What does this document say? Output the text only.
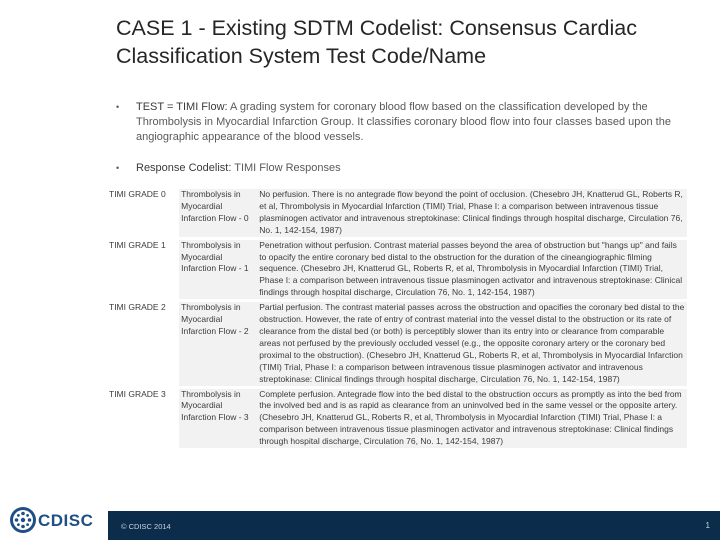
CASE 1 - Existing SDTM Codelist: Consensus Cardiac Classification System Test Code/Name
• TEST = TIMI Flow: A grading system for coronary blood flow based on the classification developed by the Thrombolysis in Myocardial Infarction Group. It classifies coronary blood flow into four classes based upon the angiographic appearance of the blood vessels.
• Response Codelist: TIMI Flow Responses
TIMI GRADE 0	Thrombolysis in Myocardial Infarction Flow - 0	No perfusion. There is no antegrade flow beyond the point of occlusion. (Chesebro JH, Knatterud GL, Roberts R, et al, Thrombolysis in Myocardial Infarction (TIMI) Trial, Phase I: a comparison between intravenous tissue plasminogen activator and intravenous streptokinase: Clinical findings through hospital discharge, Circulation 76, No. 1, 142-154, 1987)
TIMI GRADE 1	Thrombolysis in Myocardial Infarction Flow - 1	Penetration without perfusion. Contrast material passes beyond the area of obstruction but "hangs up" and fails to opacify the entire coronary bed distal to the obstruction for the duration of the cineangiographic filming sequence. (Chesebro JH, Knatterud GL, Roberts R, et al, Thrombolysis in Myocardial Infarction (TIMI) Trial, Phase I: a comparison between intravenous tissue plasminogen activator and intravenous streptokinase: Clinical findings through hospital discharge, Circulation 76, No. 1, 142-154, 1987)
TIMI GRADE 2	Thrombolysis in Myocardial Infarction Flow - 2	Partial perfusion. The contrast material passes across the obstruction and opacifies the coronary bed distal to the obstruction. However, the rate of entry of contrast material into the vessel distal to the obstruction or its rate of clearance from the distal bed (or both) is perceptibly slower than its entry into or clearance from comparable areas not perfused by the previously occluded vessel (e.g., the opposite coronary artery or the coronary bed proximal to the obstruction). (Chesebro JH, Knatterud GL, Roberts R, et al, Thrombolysis in Myocardial Infarction (TIMI) Trial, Phase I: a comparison between intravenous tissue plasminogen activator and intravenous streptokinase: Clinical findings through hospital discharge, Circulation 76, No. 1, 142-154, 1987)
TIMI GRADE 3	Thrombolysis in Myocardial Infarction Flow - 3	Complete perfusion. Antegrade flow into the bed distal to the obstruction occurs as promptly as into the bed from the involved bed and is as rapid as clearance from an uninvolved bed in the same vessel or the opposite artery. (Chesebro JH, Knatterud GL, Roberts R, et al, Thrombolysis in Myocardial Infarction (TIMI) Trial, Phase I: a comparison between intravenous tissue plasminogen activator and intravenous streptokinase: Clinical findings through hospital discharge, Circulation 76, No. 1, 142-154, 1987)
© CDISC 2014	1
CDISC
